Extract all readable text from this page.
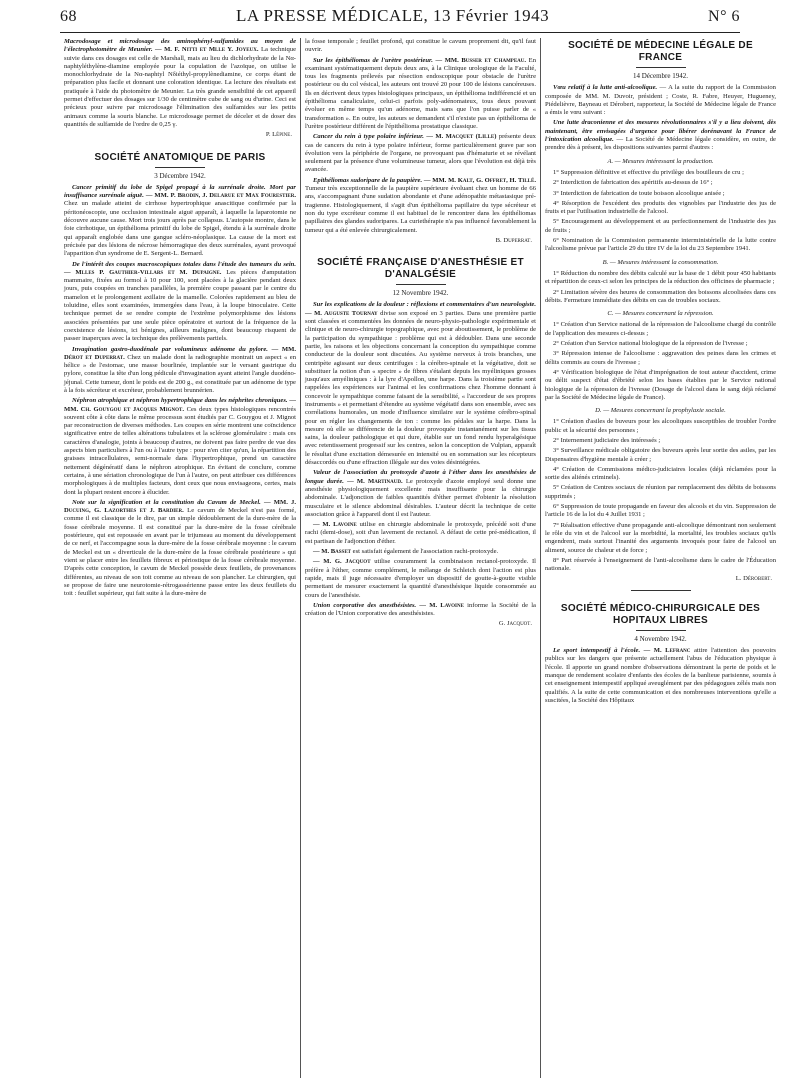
68	LA PRESSE MÉDICALE, 13 Février 1943	N° 6

Macrodosage et microdosage des aminophényl-sulfamides au moyen de l'électrophotomètre de Meunier. — M. F. Nitti et Mlle Y. Joyeux. La technique suivie dans ces dosages est celle de Marshall, mais au lieu du dichlorhydrate de la Nα-naphtyléthylène-diamine employée pour la copulation de l'azoïque, on utilise le monochlorhydrate de la Nα-naphtyl Nδiéthyl-propylènediamine, ce corps étant de préparation plus facile et donnant une coloration identique. La lecture des résultats est pratiquée à l'aide du photomètre de Meunier. La très grande sensibilité de cet appareil permet d'effectuer des dosages sur 1/30 de centimètre cube de sang ou d'urine. Ceci est précieux pour suivre par microdosage l'élimination des sulfamides sur les petits animaux comme la souris blanche. Le microdosage permet de déceler et de doser des quantités de sulfamide de l'ordre de 0,25 γ.

P. Lépine.
SOCIÉTÉ ANATOMIQUE DE PARIS
3 Décembre 1942.

Cancer primitif du lobe de Spigel propagé à la surrénale droite. Mort par insuffisance surrénale aiguë. — MM. P. Brodin, J. Delarue et Max Fourestier. Chez un malade atteint de cirrhose hypertrophique anascitique confirmée par la péritonéoscopie, une occlusion intestinale aiguë apparaît, à laquelle la laparotomie ne découvre aucune cause. Mort trois jours après par collapsus. L'autopsie montre, dans le foie cirrhotique, un épithélioma primitif du lobe de Spigel, étendu à la surrénale droite qui apparaît englobée dans une gangue scléro-néoplasique. La cause de la mort est précisée par des lésions de nécrose hémorragique des deux surrénales, ayant provoqué l'apparition d'un syndrome de E. Sergent-L. Bernard.

De l'intérêt des coupes macroscopiques totales dans l'étude des tumeurs du sein. — Mlles P. Gauthier-Villars et M. Dupaigne. Les pièces d'amputation mammaire, fixées au formol à 10 pour 100, sont placées à la glacière pendant deux jours, puis coupées en tranches parallèles, la première coupe passant par le centre du mamelon et le prolongement axillaire de la mamelle. Colorées rapidement au bleu de toluidine, elles sont examinées, immergées dans l'eau, à la loupe binoculaire. Cette technique permet de se rendre compte de l'extrême polymorphisme des lésions associées présentées par une seule pièce opératoire et surtout de la fréquence de la coexistence de lésions, ici bénignes, ailleurs malignes, dont beaucoup risquent de passer inaperçues avec la technique des prélèvements partiels.

Invagination gastro-duodénale par volumineux adénome du pylore. — MM. Dérot et Duperrat. Chez un malade dont la radiographie montrait un aspect « en hélice » de l'estomac, une masse bourlinée, implantée sur le versant gastrique du pylore, constitue la tête d'un long pédicule d'invagination ayant atteint l'angle duodéno-jéjunal. Cette tumeur, dont le poids est de 200 g., est constituée par un adénome de type à la fois sécréteur et excréteur, probablement brunnérien.

Néphron atrophique et néphron hypertrophique dans les néphrites chroniques. — MM. Ch. Gouygou et Jacques Mignot. Ces deux types histologiques rencontrés souvent côte à côte dans le même processus sont étudiés par C. Gouygou et J. Mignot par reconstruction de diverses méthodes. Les coupes en série montrent une coïncidence significative entre de telles altérations tubulaires et la sclérose glomérulaire : mais ces caractères d'analogie, joints à beaucoup d'autres, ne doivent pas faire perdre de vue des aspects bien particuliers à l'un ou à l'autre type : pour n'en citer qu'un, la répartition des graisses intracellulaires, semi-normale dans l'hypertrophique, prend un caractère nettement dégénératif dans le néphron atrophique. En évitant de conclure, comme certains, à une sériation chronologique de l'un à l'autre, on peut attribuer ces différences morphologiques à de multiples facteurs, dont ceux que nous envisageons, certes, mais dont la plupart restent encore à élucider.

Note sur la signification et la constitution du Cavum de Meckel. — MM. J. Ducuing, G. Lazorthes et J. Bardier. Le cavum de Meckel n'est pas formé, comme il est classique de le dire, par un simple dédoublement de la dure-mère de la fosse cérébrale moyenne. Il est constitué par la dure-mère de la fosse cérébrale postérieure, qui est repoussée en avant par le trijumeau au moment du développement de ce nerf, et l'accompagne sous la dure-mère de la fosse cérébrale moyenne : le cavum de Meckel est un « diverticule de la dure-mère de la fosse cérébrale postérieure » qui vient se placer entre les feuillets fibreux et périostique de la fosse cérébrale moyenne. D'après cette conception, le cavum de Meckel possède deux feuillets, de provenances différentes, au niveau de son toit comme au niveau de son plancher. Le chirurgien, qui se propose de faire une neurotomie-rétrogassérienne passe entre les deux feuillets du toit : feuillet supérieur, qui fait suite à la dure-mère de

la fosse temporale ; feuillet profond, qui constitue le cavum proprement dit, qu'il faut ouvrir.

Sur les épithéliomas de l'urètre postérieur. — MM. Busser et Champeau. En examinant systématiquement depuis deux ans, à la Clinique urologique de la Faculté, tous les fragments prélevés par résection endoscopique pour obstacle de l'urètre postérieur ou du col vésical, les auteurs ont trouvé 20 pour 100 de lésions cancéreuses. Ils en décrivent deux types histologiques principaux, un épithélioma indifférencié et un épithélioma canaliculaire, celui-ci parfois poly-adénomateux, tous deux pouvant évoluer en même temps qu'un adénome, mais sans que l'on puisse parler de « transformation ». En outre, les auteurs se demandent s'il n'existe pas un épithélioma de l'urètre postérieur différent de l'épithélioma prostatique classique.

Cancer du rein à type polaire inférieur. — M. Macquet (Lille) présente deux cas de cancers du rein à type polaire inférieur, forme particulièrement grave par son évolution vers la périphérie de l'organe, ne provoquant pas d'hématurie et se révélant seulement par la présence d'une volumineuse tumeur, alors que l'évolution est déjà très avancée.

Epithéliomas sudoripare de la paupière. — MM. M. Kalt, G. Offret, H. Tillé. Tumeur très exceptionnelle de la paupière supérieure évoluant chez un homme de 66 ans, s'accompagnant d'une sudation abondante et d'une adénopathie métastasique pré-tragienne. Histologiquement, il s'agit d'un épithélioma papillaire du type sécréteur et non du type excréteur comme il est habituel de le rencontrer dans les épithéliomas papillaires des glandes sudoripares. La curiethérapie n'a pas influencé favorablement la tumeur qui a été enlevée chirurgicalement.

B. Duperrat.
SOCIÉTÉ FRANÇAISE D'ANESTHÉSIE ET D'ANALGÉSIE
12 Novembre 1942.

Sur les explications de la douleur : réflexions et commentaires d'un neurologiste. — M. Auguste Tournay divise son exposé en 3 parties. Dans une première partie sont classées et commentées les données de neuro-physio-pathologie expérimentale et clinique et de neuro-chirurgie topographique, avec pour aboutissement, le problème de la participation du sympathique : problème qui est à dédoubler. Dans une seconde partie, les raisons et les objections concernant la conception du sympathique comme conducteur de la douleur sont discutées. Au système nerveux à trois branches, une centripète agissant sur deux centrifuges : la cérébro-spinale et la végétative, doit se substituer la notion d'un « spectre » de fibres s'étalant depuis les myéliniques grosses jusqu'aux amyéliniques : à la lyre d'Apollon, une harpe. Dans la troisième partie sont rappelées les expériences sur l'animal et les confirmations chez l'homme donnant à concevoir le sympathique comme faisant de la sensibilité, « l'accordeur de ses propres instruments » et permettant d'étendre au système végétatif dans son ensemble, avec ses corrélations humorales, un mode d'influence similaire sur le système cérébro-spinal pour en régler les changements de ton : comme les pédales sur la harpe. Dans la mesure où elle se différencie de la douleur provoquée instantanément sur les tissus sains, la douleur pathologique et qui dure, établie sur un fond rendu hyperalgésique avec retentissement progressif sur les centres, selon la conception de Vulpian, apparaît le résultat d'une excitation démesurée en intensité ou en sommation sur les récepteurs désaccordés ou d'une effraction illégale sur des voies désintégrées.

Valeur de l'association du protoxyde d'azote à l'éther dans les anesthésies de longue durée. — M. Martinaud. Le protoxyde d'azote employé seul donne une anesthésie physiologiquement excellente mais insuffisante pour la chirurgie abdominale. L'adjonction de faibles quantités d'éther permet d'obtenir la résolution musculaire et le silence abdominal désirables. L'auteur décrit la technique de cette association grâce à l'appareil dont il est l'auteur.

— M. Lavoine utilise en chirurgie abdominale le protoxyde, précédé soit d'une rachi (demi-dose), soit d'un lavement de rectanol. A défaut de cette pré-médication, il est partisan de l'adjonction d'éther.

— M. Basset est satisfait également de l'association rachi-protoxyde.

— M. G. Jacquot utilise couramment la combinaison rectanol-protoxyde. Il préfère à l'éther, comme complément, le mélange de Schleich dont l'action est plus rapide, mais il juge nécessaire d'employer un dispositif de goutte-à-goutte visible permettant de mesurer exactement la quantité d'anesthésique liquide consommée au cours de l'anesthésie.

Union corporative des anesthésistes. — M. Lavoine informe la Société de la création de l'Union corporative des anesthésistes.

G. Jacquot.
SOCIÉTÉ DE MÉDECINE LÉGALE DE FRANCE
14 Décembre 1942.

Vœu relatif à la lutte anti-alcoolique. — A la suite du rapport de la Commission composée de MM. M. Duvoir, président ; Coste, R. Fabre, Heuyer, Hugueney, Piédelièvre, Bayneau et Dérobert, rapporteur, la Société de Médecine légale de France a émis le vœu suivant :

Une lutte draconienne et des mesures révolutionnaires s'il y a lieu doivent, dès maintenant, être envisagées d'urgence pour libérer dorénavant la France de l'intoxication alcoolique. — La Société de Médecine légale considère, en outre, de prendre dès à présent, les dispositions suivantes parmi d'autres :

A. — Mesures intéressant la production.

1° Suppression définitive et effective du privilège des bouilleurs de cru ;

2° Interdiction de fabrication des apéritifs au-dessus de 16° ;

3° Interdiction de fabrication de toute boisson alcoolique anisée ;

4° Résorption de l'excédent des produits des vignobles par l'industrie des jus de fruits et par l'utilisation industrielle de l'alcool.

5° Encouragement au développement et au perfectionnement de l'industrie des jus de fruits ;

6° Nomination de la Commission permanente interministérielle de la lutte contre l'alcoolisme prévue par l'article 29 du titre IV de la loi du 23 Septembre 1941.

B. — Mesures intéressant la consommation.

1° Réduction du nombre des débits calculé sur la base de 1 débit pour 450 habitants et répartition de ceux-ci selon les principes de la réduction des officines de pharmacie ;

2° Limitation sévère des heures de consommation des boissons alcoolisées dans ces débits. Fermeture immédiate des débits en cas de troubles sociaux.

C. — Mesures concernant la répression.

1° Création d'un Service national de la répression de l'alcoolisme chargé du contrôle de l'application des mesures ci-dessus ;

2° Création d'un Service national biologique de la répression de l'ivresse ;

3° Répression intense de l'alcoolisme : aggravation des peines dans les crimes et délits commis au cours de l'ivresse ;

4° Vérification biologique de l'état d'imprégnation de tout auteur d'accident, crime ou délit suspect d'état d'ébriété selon les bases établies par le Service national biologique de la répression de l'ivresse (Dosage de l'alcool dans le sang déjà réclamé par la Société de Médecine légale de France).

D. — Mesures concernant la prophylaxie sociale.

1° Création d'asiles de buveurs pour les alcooliques susceptibles de troubler l'ordre public et la sécurité des personnes ;

2° Internement judiciaire des intéressés ;

3° Surveillance médicale obligatoire des buveurs après leur sortie des asiles, par les Dispensaires d'hygiène mentale à créer ;

4° Création de Commissions médico-judiciaires locales (déjà réclamées pour la sortie des aliénés criminels).

5° Création de Centres sociaux de réunion par remplacement des débits de boissons supprimés ;

6° Suppression de toute propagande en faveur des alcools et du vin. Suppression de l'article 16 de la loi du 4 Juillet 1931 ;

7° Réalisation effective d'une propagande anti-alcoolique démontrant non seulement le rôle du vin et de l'alcool sur la morbidité, la mortalité, les troubles sociaux qu'ils engendrent, mais surtout l'inanité des arguments invoqués pour faire de l'alcool un aliment, source de chaleur et de force ;

8° Part réservée à l'enseignement de l'anti-alcoolisme dans le cadre de l'Éducation nationale.

L. Dérobert.
SOCIÉTÉ MÉDICO-CHIRURGICALE DES HOPITAUX LIBRES
4 Novembre 1942.

Le sport intempestif à l'école. — M. Lefranc attire l'attention des pouvoirs publics sur les dangers que présente actuellement l'abus de l'éducation physique à l'école. Il apporte un grand nombre d'observations démontrant la perte de poids et le manque de rendement scolaire d'enfants des écoles de la banlieue parisienne, soumis à cet enseignement intempestif appliqué aveuglément par des pédagogues zélés mais non qualifiés. A la suite de cette communication et des nombreuses interventions qu'elle a suscitées, la Société des Hôpitaux
